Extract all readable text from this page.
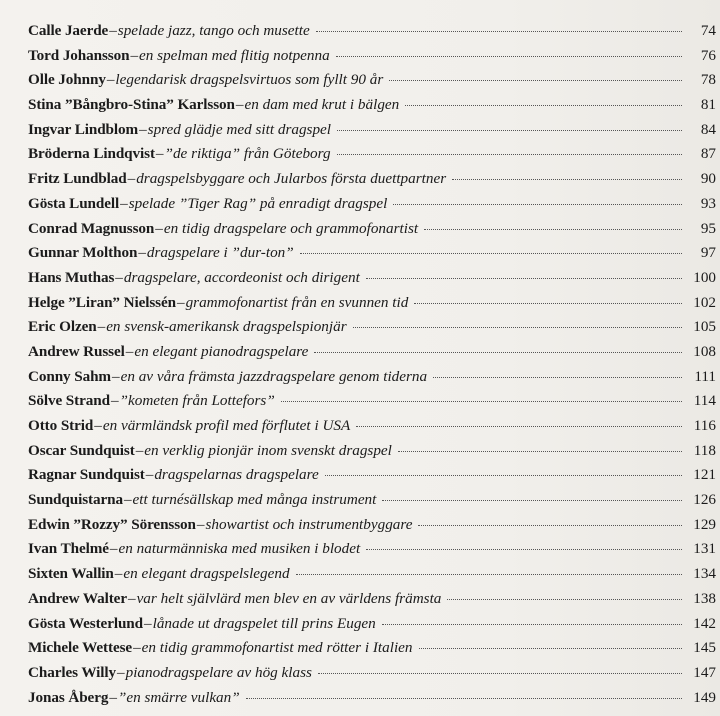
Calle Jaerde – spelade jazz, tango och musette	74
Tord Johansson – en spelman med flitig notpenna	76
Olle Johnny – legendarisk dragspelsvirtuos som fyllt 90 år	78
Stina ”Bångbro-Stina” Karlsson – en dam med krut i bälgen	81
Ingvar Lindblom – spred glädje med sitt dragspel	84
Bröderna Lindqvist – ”de riktiga” från Göteborg	87
Fritz Lundblad – dragspelsbyggare och Jularbos första duettpartner	90
Gösta Lundell – spelade ”Tiger Rag” på enradigt dragspel	93
Conrad Magnusson – en tidig dragspelare och grammofonartist	95
Gunnar Molthon – dragspelare i ”dur-ton”	97
Hans Muthas – dragspelare, accordeonist och dirigent	100
Helge ”Liran” Nielssén – grammofonartist från en svunnen tid	102
Eric Olzen – en svensk-amerikansk dragspelspionjär	105
Andrew Russel – en elegant pianodragspelare	108
Conny Sahm – en av våra främsta jazzdragspelare genom tiderna	111
Sölve Strand – ”kometen från Lottefors”	114
Otto Strid – en värmländsk profil med förflutet i USA	116
Oscar Sundquist – en verklig pionjär inom svenskt dragspel	118
Ragnar Sundquist – dragspelarnas dragspelare	121
Sundquistarna – ett turnésällskap med många instrument	126
Edwin ”Rozzy” Sörensson – showartist och instrumentbyggare	129
Ivan Thelmé – en naturmänniska med musiken i blodet	131
Sixten Wallin – en elegant dragspelslegend	134
Andrew Walter – var helt självlärd men blev en av världens främsta	138
Gösta Westerlund – lånade ut dragspelet till prins Eugen	142
Michele Wettese – en tidig grammofonartist med rötter i Italien	145
Charles Willy – pianodragspelare av hög klass	147
Jonas Åberg – ”en smärre vulkan”	149
